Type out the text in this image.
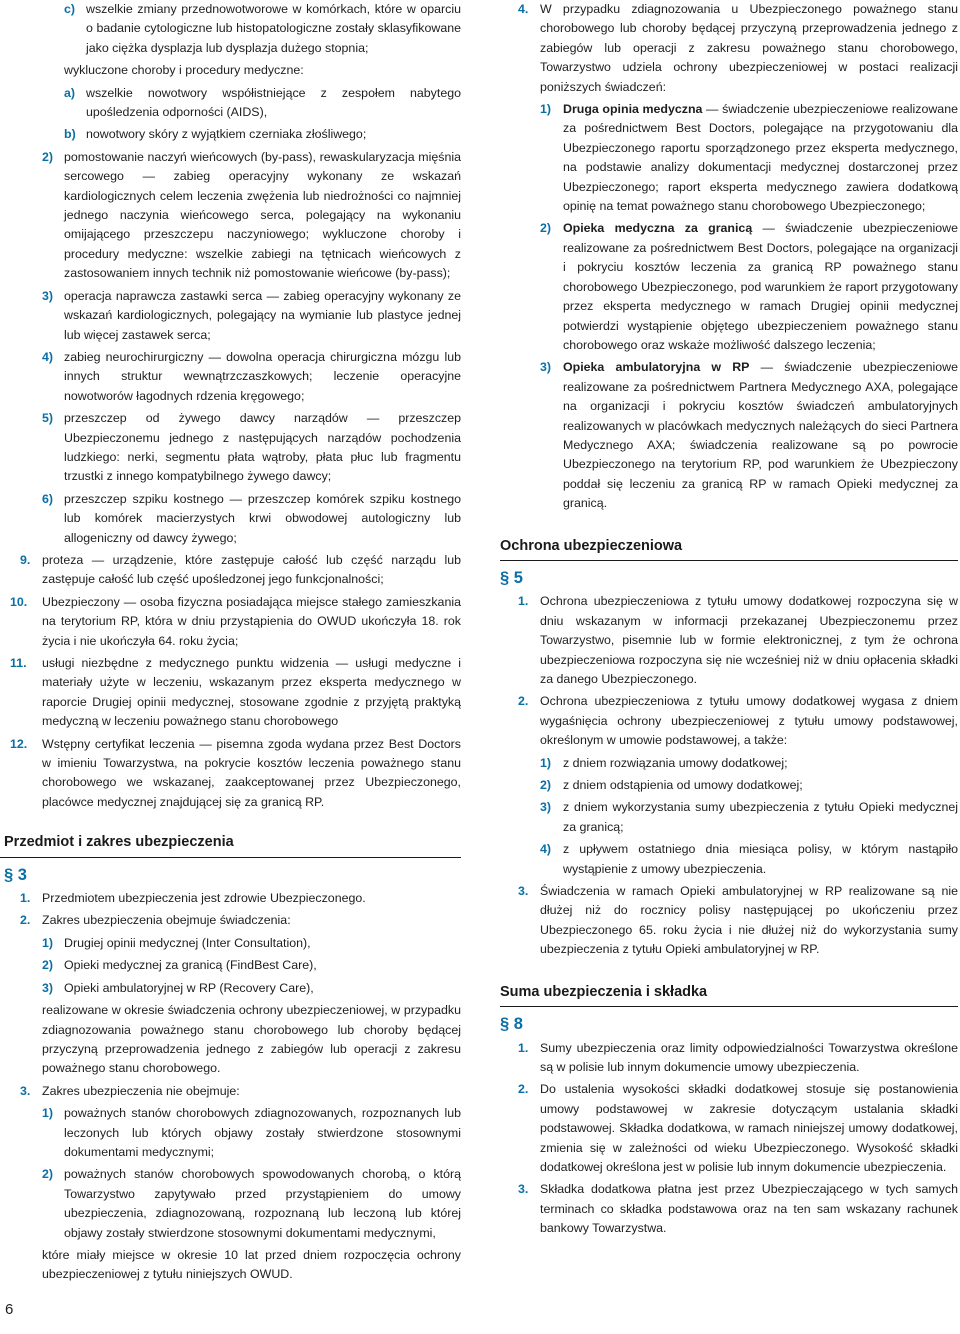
c) wszelkie zmiany przednowotworowe w komórkach, które w oparciu o badanie cytologiczne lub histopatologiczne zostały sklasyfikowane jako ciężka dysplazja lub dysplazja dużego stopnia;
wykluczone choroby i procedury medyczne:
a) wszelkie nowotwory współistniejące z zespołem nabytego upośledzenia odporności (AIDS),
b) nowotwory skóry z wyjątkiem czerniaka złośliwego;
2) pomostowanie naczyń wieńcowych (by-pass), rewaskularyzacja mięśnia sercowego — zabieg operacyjny wykonany ze wskazań kardiologicznych celem leczenia zwężenia lub niedrożności co najmniej jednego naczynia wieńcowego serca, polegający na wykonaniu omijającego przeszczepu naczyniowego; wykluczone choroby i procedury medyczne: wszelkie zabiegi na tętnicach wieńcowych z zastosowaniem innych technik niż pomostowanie wieńcowe (by-pass);
3) operacja naprawcza zastawki serca — zabieg operacyjny wykonany ze wskazań kardiologicznych, polegający na wymianie lub plastyce jednej lub więcej zastawek serca;
4) zabieg neurochirurgiczny — dowolna operacja chirurgiczna mózgu lub innych struktur wewnątrzczaszkowych; leczenie operacyjne nowotworów łagodnych rdzenia kręgowego;
5) przeszczep od żywego dawcy narządów — przeszczep Ubezpieczonemu jednego z następujących narządów pochodzenia ludzkiego: nerki, segmentu płata wątroby, płata płuc lub fragmentu trzustki z innego kompatybilnego żywego dawcy;
6) przeszczep szpiku kostnego — przeszczep komórek szpiku kostnego lub komórek macierzystych krwi obwodowej autologiczny lub allogeniczny od dawcy żywego;
9. proteza — urządzenie, które zastępuje całość lub część narządu lub zastępuje całość lub część upośledzonej jego funkcjonalności;
10. Ubezpieczony — osoba fizyczna posiadająca miejsce stałego zamieszkania na terytorium RP, która w dniu przystąpienia do OWUD ukończyła 18. rok życia i nie ukończyła 64. roku życia;
11. usługi niezbędne z medycznego punktu widzenia — usługi medyczne i materiały użyte w leczeniu, wskazanym przez eksperta medycznego w raporcie Drugiej opinii medycznej, stosowane zgodnie z przyjętą praktyką medyczną w leczeniu poważnego stanu chorobowego
12. Wstępny certyfikat leczenia — pisemna zgoda wydana przez Best Doctors w imieniu Towarzystwa, na pokrycie kosztów leczenia poważnego stanu chorobowego we wskazanej, zaakceptowanej przez Ubezpieczonego, placówce medycznej znajdującej się za granicą RP.
Przedmiot i zakres ubezpieczenia
§ 3
1. Przedmiotem ubezpieczenia jest zdrowie Ubezpieczonego.
2. Zakres ubezpieczenia obejmuje świadczenia:
1) Drugiej opinii medycznej (Inter Consultation),
2) Opieki medycznej za granicą (FindBest Care),
3) Opieki ambulatoryjnej w RP (Recovery Care),
realizowane w okresie świadczenia ochrony ubezpieczeniowej, w przypadku zdiagnozowania poważnego stanu chorobowego lub choroby będącej przyczyną przeprowadzenia jednego z zabiegów lub operacji z zakresu poważnego stanu chorobowego.
3. Zakres ubezpieczenia nie obejmuje:
1) poważnych stanów chorobowych zdiagnozowanych, rozpoznanych lub leczonych lub których objawy zostały stwierdzone stosownymi dokumentami medycznymi;
2) poważnych stanów chorobowych spowodowanych chorobą, o którą Towarzystwo zapytywało przed przystąpieniem do umowy ubezpieczenia, zdiagnozowaną, rozpoznaną lub leczoną lub której objawy zostały stwierdzone stosownymi dokumentami medycznymi,
które miały miejsce w okresie 10 lat przed dniem rozpoczęcia ochrony ubezpieczeniowej z tytułu niniejszych OWUD.
4. W przypadku zdiagnozowania u Ubezpieczonego poważnego stanu chorobowego lub choroby będącej przyczyną przeprowadzenia jednego z zabiegów lub operacji z zakresu poważnego stanu chorobowego, Towarzystwo udziela ochrony ubezpieczeniowej w postaci realizacji poniższych świadczeń:
1) Druga opinia medyczna — świadczenie ubezpieczeniowe realizowane za pośrednictwem Best Doctors, polegające na przygotowaniu dla Ubezpieczonego raportu sporządzonego przez eksperta medycznego, na podstawie analizy dokumentacji medycznej dostarczonej przez Ubezpieczonego; raport eksperta medycznego zawiera dodatkową opinię na temat poważnego stanu chorobowego Ubezpieczonego;
2) Opieka medyczna za granicą — świadczenie ubezpieczeniowe realizowane za pośrednictwem Best Doctors, polegające na organizacji i pokryciu kosztów leczenia za granicą RP poważnego stanu chorobowego Ubezpieczonego, pod warunkiem że raport przygotowany przez eksperta medycznego w ramach Drugiej opinii medycznej potwierdzi wystąpienie objętego ubezpieczeniem poważnego stanu chorobowego oraz wskaże możliwość dalszego leczenia;
3) Opieka ambulatoryjna w RP — świadczenie ubezpieczeniowe realizowane za pośrednictwem Partnera Medycznego AXA, polegające na organizacji i pokryciu kosztów świadczeń ambulatoryjnych realizowanych w placówkach medycznych należących do sieci Partnera Medycznego AXA; świadczenia realizowane są po powrocie Ubezpieczonego na terytorium RP, pod warunkiem że Ubezpieczony poddał się leczeniu za granicą RP w ramach Opieki medycznej za granicą.
Ochrona ubezpieczeniowa
§ 5
1. Ochrona ubezpieczeniowa z tytułu umowy dodatkowej rozpoczyna się w dniu wskazanym w informacji przekazanej Ubezpieczonemu przez Towarzystwo, pisemnie lub w formie elektronicznej, z tym że ochrona ubezpieczeniowa rozpoczyna się nie wcześniej niż w dniu opłacenia składki za danego Ubezpieczonego.
2. Ochrona ubezpieczeniowa z tytułu umowy dodatkowej wygasa z dniem wygaśnięcia ochrony ubezpieczeniowej z tytułu umowy podstawowej, określonym w umowie podstawowej, a także:
1) z dniem rozwiązania umowy dodatkowej;
2) z dniem odstąpienia od umowy dodatkowej;
3) z dniem wykorzystania sumy ubezpieczenia z tytułu Opieki medycznej za granicą;
4) z upływem ostatniego dnia miesiąca polisy, w którym nastąpiło wystąpienie z umowy ubezpieczenia.
3. Świadczenia w ramach Opieki ambulatoryjnej w RP realizowane są nie dłużej niż do rocznicy polisy następującej po ukończeniu przez Ubezpieczonego 65. roku życia i nie dłużej niż do wykorzystania sumy ubezpieczenia z tytułu Opieki ambulatoryjnej w RP.
Suma ubezpieczenia i składka
§ 8
1. Sumy ubezpieczenia oraz limity odpowiedzialności Towarzystwa określone są w polisie lub innym dokumencie umowy ubezpieczenia.
2. Do ustalenia wysokości składki dodatkowej stosuje się postanowienia umowy podstawowej w zakresie dotyczącym ustalania składki podstawowej. Składka dodatkowa, w ramach niniejszej umowy dodatkowej, zmienia się w zależności od wieku Ubezpieczonego. Wysokość składki dodatkowej określona jest w polisie lub innym dokumencie ubezpieczenia.
3. Składka dodatkowa płatna jest przez Ubezpieczającego w tych samych terminach co składka podstawowa oraz na ten sam wskazany rachunek bankowy Towarzystwa.
6
